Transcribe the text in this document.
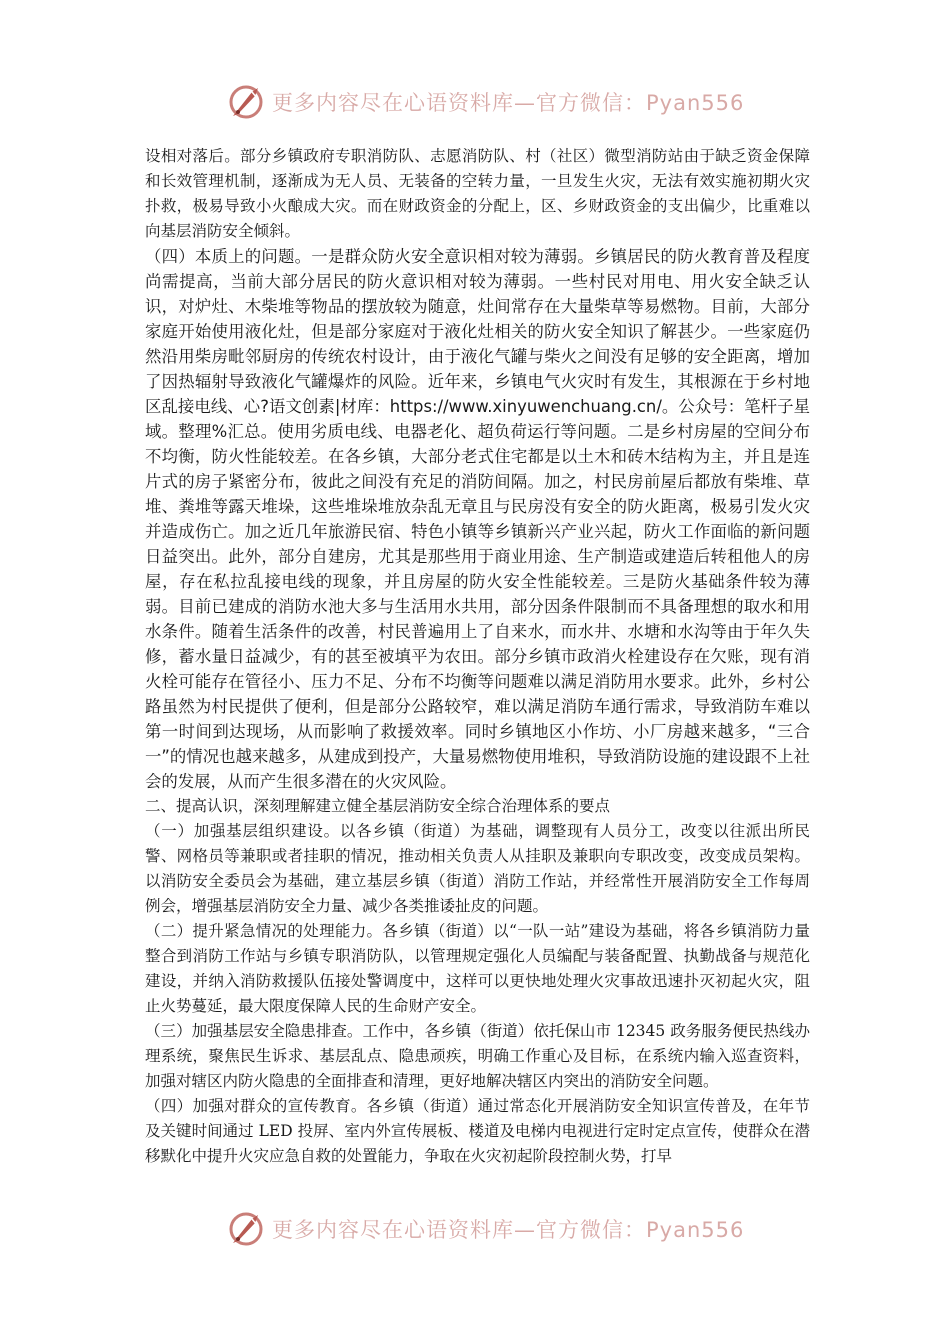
更多内容尽在心语资料库—官方微信：Pyan556

设相对落后。部分乡镇政府专职消防队、志愿消防队、村（社区）微型消防站由于缺乏资金保障和长效管理机制，逐渐成为无人员、无装备的空转力量，一旦发生火灾，无法有效实施初期火灾扑救，极易导致小火酿成大灾。而在财政资金的分配上，区、乡财政资金的支出偏少，比重难以向基层消防安全倾斜。

（四）本质上的问题。一是群众防火安全意识相对较为薄弱。乡镇居民的防火教育普及程度尚需提高，当前大部分居民的防火意识相对较为薄弱。一些村民对用电、用火安全缺乏认识，对炉灶、木柴堆等物品的摆放较为随意，灶间常存在大量柴草等易燃物。目前，大部分家庭开始使用液化灶，但是部分家庭对于液化灶相关的防火安全知识了解甚少。一些家庭仍然沿用柴房毗邻厨房的传统农村设计，由于液化气罐与柴火之间没有足够的安全距离，增加了因热辐射导致液化气罐爆炸的风险。近年来，乡镇电气火灾时有发生，其根源在于乡村地区乱接电线、心?语文创素|材库：https://www.xinyuwenchuang.cn/。公众号：笔杆子星域。整理%汇总。使用劣质电线、电器老化、超负荷运行等问题。二是乡村房屋的空间分布不均衡，防火性能较差。在各乡镇，大部分老式住宅都是以土木和砖木结构为主，并且是连片式的房子紧密分布，彼此之间没有充足的消防间隔。加之，村民房前屋后都放有柴堆、草堆、粪堆等露天堆垛，这些堆垛堆放杂乱无章且与民房没有安全的防火距离，极易引发火灾并造成伤亡。加之近几年旅游民宿、特色小镇等乡镇新兴产业兴起，防火工作面临的新问题日益突出。此外，部分自建房，尤其是那些用于商业用途、生产制造或建造后转租他人的房屋，存在私拉乱接电线的现象，并且房屋的防火安全性能较差。三是防火基础条件较为薄弱。目前已建成的消防水池大多与生活用水共用，部分因条件限制而不具备理想的取水和用水条件。随着生活条件的改善，村民普遍用上了自来水，而水井、水塘和水沟等由于年久失修，蓄水量日益减少，有的甚至被填平为农田。部分乡镇市政消火栓建设存在欠账，现有消火栓可能存在管径小、压力不足、分布不均衡等问题难以满足消防用水要求。此外，乡村公路虽然为村民提供了便利，但是部分公路较窄，难以满足消防车通行需求，导致消防车难以第一时间到达现场，从而影响了救援效率。同时乡镇地区小作坊、小厂房越来越多，“三合一”的情况也越来越多，从建成到投产，大量易燃物使用堆积，导致消防设施的建设跟不上社会的发展，从而产生很多潜在的火灾风险。

二、提高认识，深刻理解建立健全基层消防安全综合治理体系的要点

（一）加强基层组织建设。以各乡镇（街道）为基础，调整现有人员分工，改变以往派出所民警、网格员等兼职或者挂职的情况，推动相关负责人从挂职及兼职向专职改变，改变成员架构。以消防安全委员会为基础，建立基层乡镇（街道）消防工作站，并经常性开展消防安全工作每周例会，增强基层消防安全力量、减少各类推诿扯皮的问题。

（二）提升紧急情况的处理能力。各乡镇（街道）以“一队一站”建设为基础，将各乡镇消防力量整合到消防工作站与乡镇专职消防队，以管理规定强化人员编配与装备配置、执勤战备与规范化建设，并纳入消防救援队伍接处警调度中，这样可以更快地处理火灾事故迅速扑灭初起火灾，阻止火势蔓延，最大限度保障人民的生命财产安全。

（三）加强基层安全隐患排查。工作中，各乡镇（街道）依托保山市 12345 政务服务便民热线办理系统，聚焦民生诉求、基层乱点、隐患顽疾，明确工作重心及目标，在系统内输入巡查资料，加强对辖区内防火隐患的全面排查和清理，更好地解决辖区内突出的消防安全问题。

（四）加强对群众的宣传教育。各乡镇（街道）通过常态化开展消防安全知识宣传普及，在年节及关键时间通过 LED 投屏、室内外宣传展板、楼道及电梯内电视进行定时定点宣传，使群众在潜移默化中提升火灾应急自救的处置能力，争取在火灾初起阶段控制火势，打早

更多内容尽在心语资料库—官方微信：Pyan556
